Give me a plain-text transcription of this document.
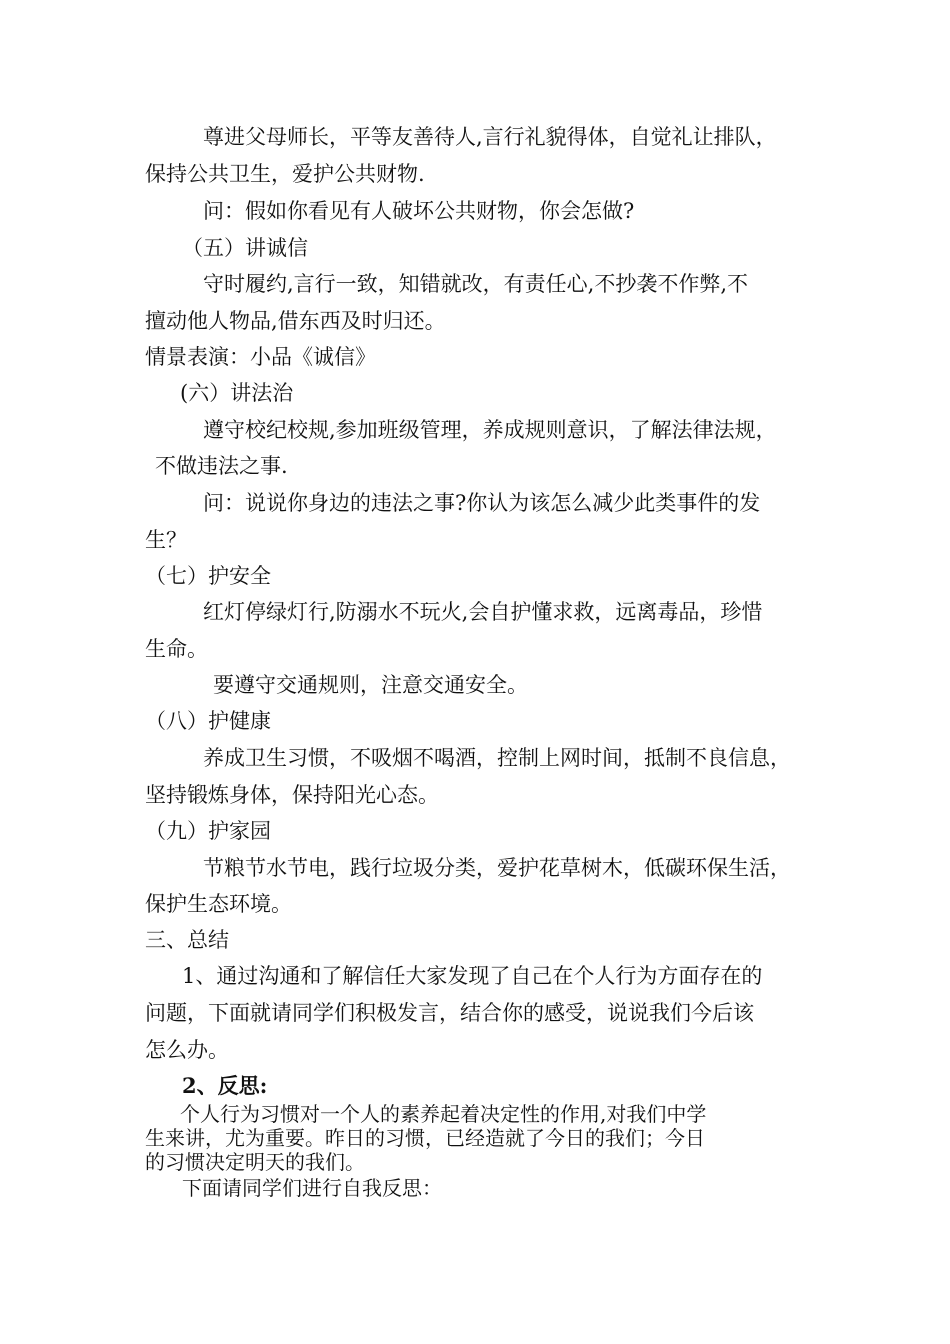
尊进父母师长，平等友善待人,言行礼貌得体，自觉礼让排队，
保持公共卫生，爱护公共财物.
问：假如你看见有人破坏公共财物，你会怎做?
（五）讲诚信
守时履约,言行一致，知错就改，有责任心,不抄袭不作弊,不
擅动他人物品,借东西及时归还。
情景表演：小品《诚信》
(六）讲法治
遵守校纪校规,参加班级管理，养成规则意识，了解法律法规，
不做违法之事.
问：说说你身边的违法之事?你认为该怎么减少此类事件的发
生？
（七）护安全
红灯停绿灯行,防溺水不玩火,会自护懂求救，远离毒品，珍惜
生命。
要遵守交通规则，注意交通安全。
（八）护健康
养成卫生习惯，不吸烟不喝酒，控制上网时间，抵制不良信息，
坚持锻炼身体，保持阳光心态。
（九）护家园
节粮节水节电，践行垃圾分类，爱护花草树木，低碳环保生活，
保护生态环境。
三、总结
1、通过沟通和了解信任大家发现了自己在个人行为方面存在的
问题，下面就请同学们积极发言，结合你的感受，说说我们今后该
怎么办。
2、反思:
个人行为习惯对一个人的素养起着决定性的作用,对我们中学
生来讲，尤为重要。昨日的习惯，已经造就了今日的我们；今日
的习惯决定明天的我们。
下面请同学们进行自我反思：
